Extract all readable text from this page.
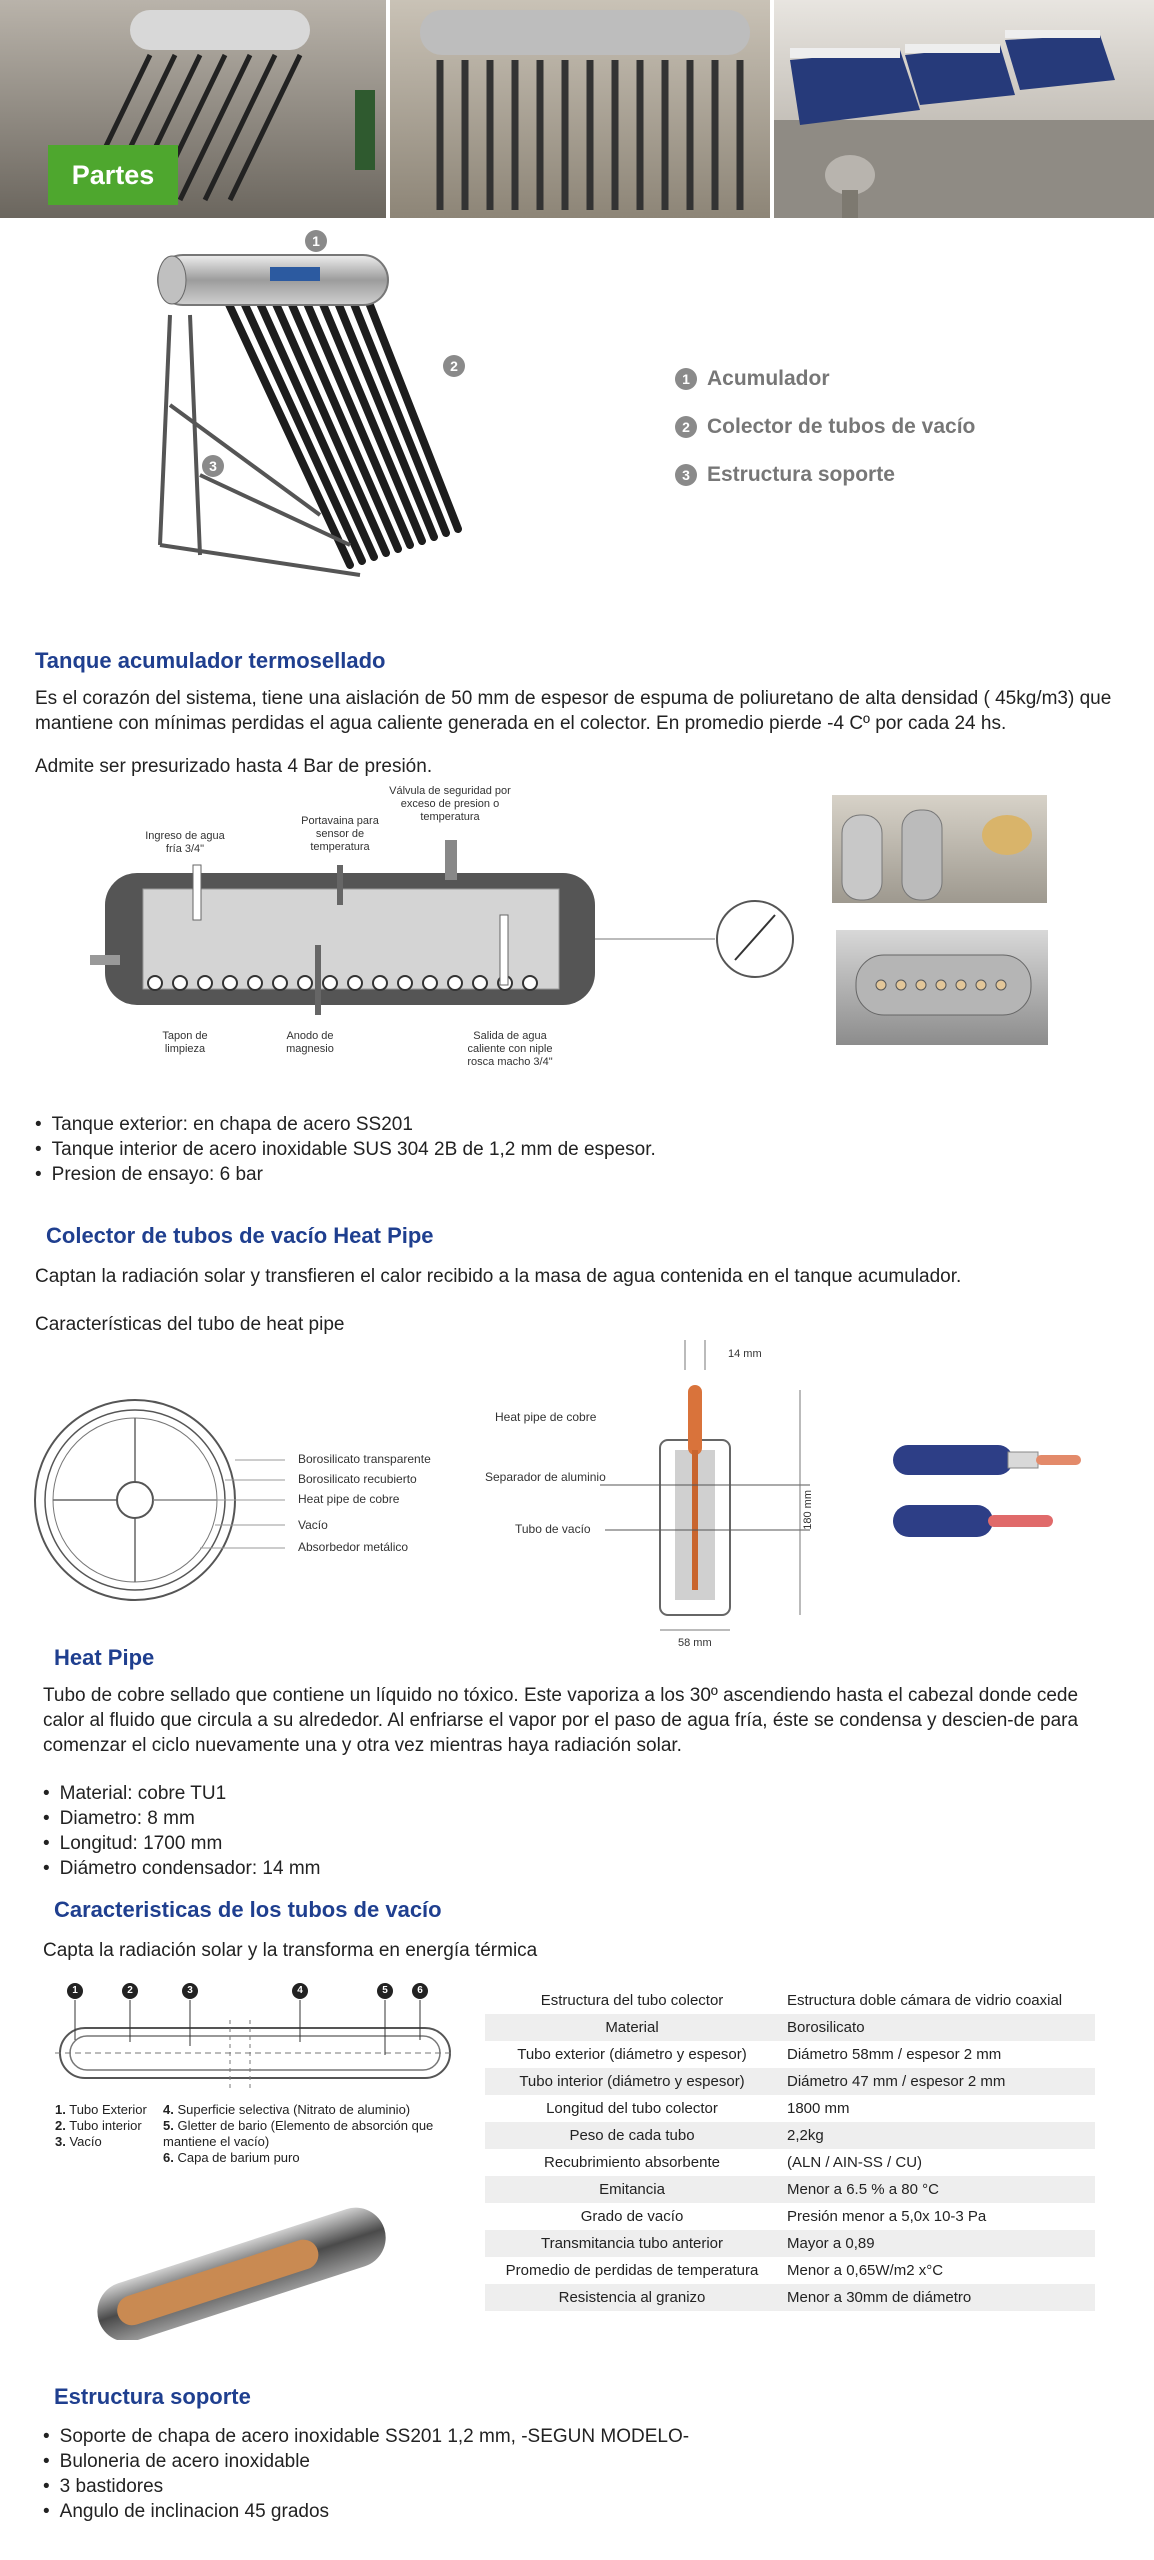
Partes
1
2
3
1 Acumulador
2 Colector de tubos de vacío
3 Estructura soporte
Tanque acumulador termosellado
Es el corazón del sistema, tiene una aislación de 50 mm de espesor de espuma de poliuretano de alta densidad ( 45kg/m3) que mantiene con mínimas perdidas el agua caliente generada en el colector. En promedio pierde -4 Cº por cada 24 hs.
Admite ser presurizado hasta 4 Bar de presión.
Ingreso de agua fría 3/4"
Portavaina para sensor de temperatura
Válvula de seguridad por exceso de presion o temperatura
Tapon de limpieza
Anodo de magnesio
Salida de agua caliente con niple rosca macho 3/4"
• Tanque exterior: en chapa de acero SS201
• Tanque interior de acero inoxidable SUS 304 2B de 1,2 mm de espesor.
• Presion de ensayo: 6 bar
Colector de tubos de vacío Heat Pipe
Captan la radiación solar y transfieren el calor recibido a la masa de agua contenida en el tanque acumulador.
Características del tubo de heat pipe
Borosilicato transparente
Borosilicato recubierto
Heat pipe de cobre
Vacío
Absorbedor metálico
14 mm
Heat pipe de cobre
Separador de aluminio
Tubo de vacío	180 mm
58 mm
Heat Pipe
Tubo de cobre sellado que contiene un líquido no tóxico. Este vaporiza a los 30º ascendiendo hasta el cabezal donde cede calor al fluido que circula a su alrededor. Al enfriarse el vapor por el paso de agua fría, éste se condensa y descien-de para comenzar el ciclo nuevamente una y otra vez mientras haya radiación solar.
• Material: cobre TU1
• Diametro: 8 mm
• Longitud: 1700 mm
• Diámetro condensador: 14 mm
Caracteristicas de los tubos de vacío
Capta la radiación solar y la transforma en energía térmica
1	2	3	4	5	6
1. Tubo Exterior
2. Tubo interior
3. Vacío
4. Superficie selectiva (Nitrato de aluminio)
5. Gletter de bario (Elemento de absorción que mantiene el vacío)
6. Capa de barium puro
Estructura del tubo colector	Estructura doble cámara de vidrio coaxial
Material	Borosilicato
Tubo exterior (diámetro y espesor)	Diámetro 58mm / espesor 2 mm
Tubo interior (diámetro y espesor)	Diámetro 47 mm / espesor 2 mm
Longitud del tubo colector	1800 mm
Peso de cada tubo	2,2kg
Recubrimiento absorbente	(ALN / AIN-SS / CU)
Emitancia	Menor a 6.5 % a 80 °C
Grado de vacío	Presión menor a 5,0x 10-3 Pa
Transmitancia tubo anterior	Mayor a 0,89
Promedio de perdidas de temperatura	Menor a 0,65W/m2 x°C
Resistencia al granizo	Menor a 30mm de diámetro
Estructura soporte
• Soporte de chapa de acero inoxidable SS201 1,2 mm, -SEGUN MODELO-
• Buloneria de acero inoxidable
• 3 bastidores
• Angulo de inclinacion 45 grados
